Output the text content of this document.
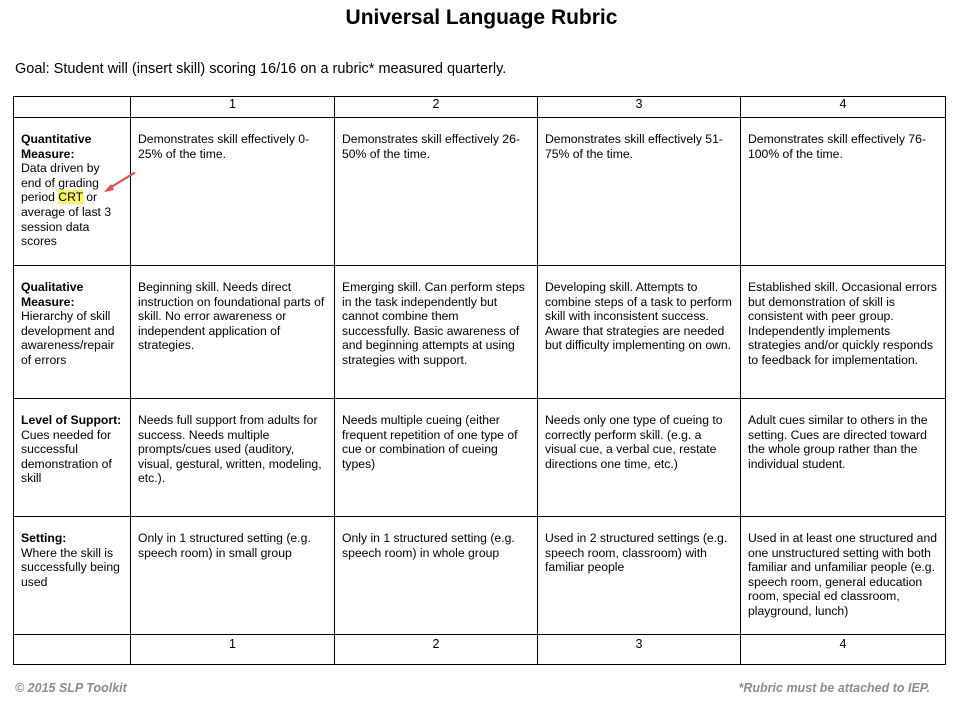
Universal Language Rubric
Goal: Student will (insert skill) scoring 16/16 on a rubric* measured quarterly.
	1	2	3	4

Quantitative Measure:
Data driven by end of grading period CRT or average of last 3 session data scores	Demonstrates skill effectively 0-25% of the time.	Demonstrates skill effectively 26-50% of the time.	Demonstrates skill effectively 51-75% of the time.	Demonstrates skill effectively 76-100% of the time.

Qualitative Measure:
Hierarchy of skill development and awareness/repair of errors	Beginning skill. Needs direct instruction on foundational parts of skill. No error awareness or independent application of strategies.	Emerging skill. Can perform steps in the task independently but cannot combine them successfully. Basic awareness of and beginning attempts at using strategies with support.	Developing skill. Attempts to combine steps of a task to perform skill with inconsistent success. Aware that strategies are needed but difficulty implementing on own.	Established skill. Occasional errors but demonstration of skill is consistent with peer group. Independently implements strategies and/or quickly responds to feedback for implementation.

Level of Support:
Cues needed for successful demonstration of skill	Needs full support from adults for success. Needs multiple prompts/cues used (auditory, visual, gestural, written, modeling, etc.).	Needs multiple cueing (either frequent repetition of one type of cue or combination of cueing types)	Needs only one type of cueing to correctly perform skill. (e.g. a visual cue, a verbal cue, restate directions one time, etc.)	Adult cues similar to others in the setting. Cues are directed toward the whole group rather than the individual student.

Setting:
Where the skill is successfully being used	Only in 1 structured setting (e.g. speech room) in small group	Only in 1 structured setting (e.g. speech room) in whole group	Used in 2 structured settings (e.g. speech room, classroom) with familiar people	Used in at least one structured and one unstructured setting with both familiar and unfamiliar people (e.g. speech room, general education room, special ed classroom, playground, lunch)
	1	2	3	4
© 2015 SLP Toolkit	*Rubric must be attached to IEP.
